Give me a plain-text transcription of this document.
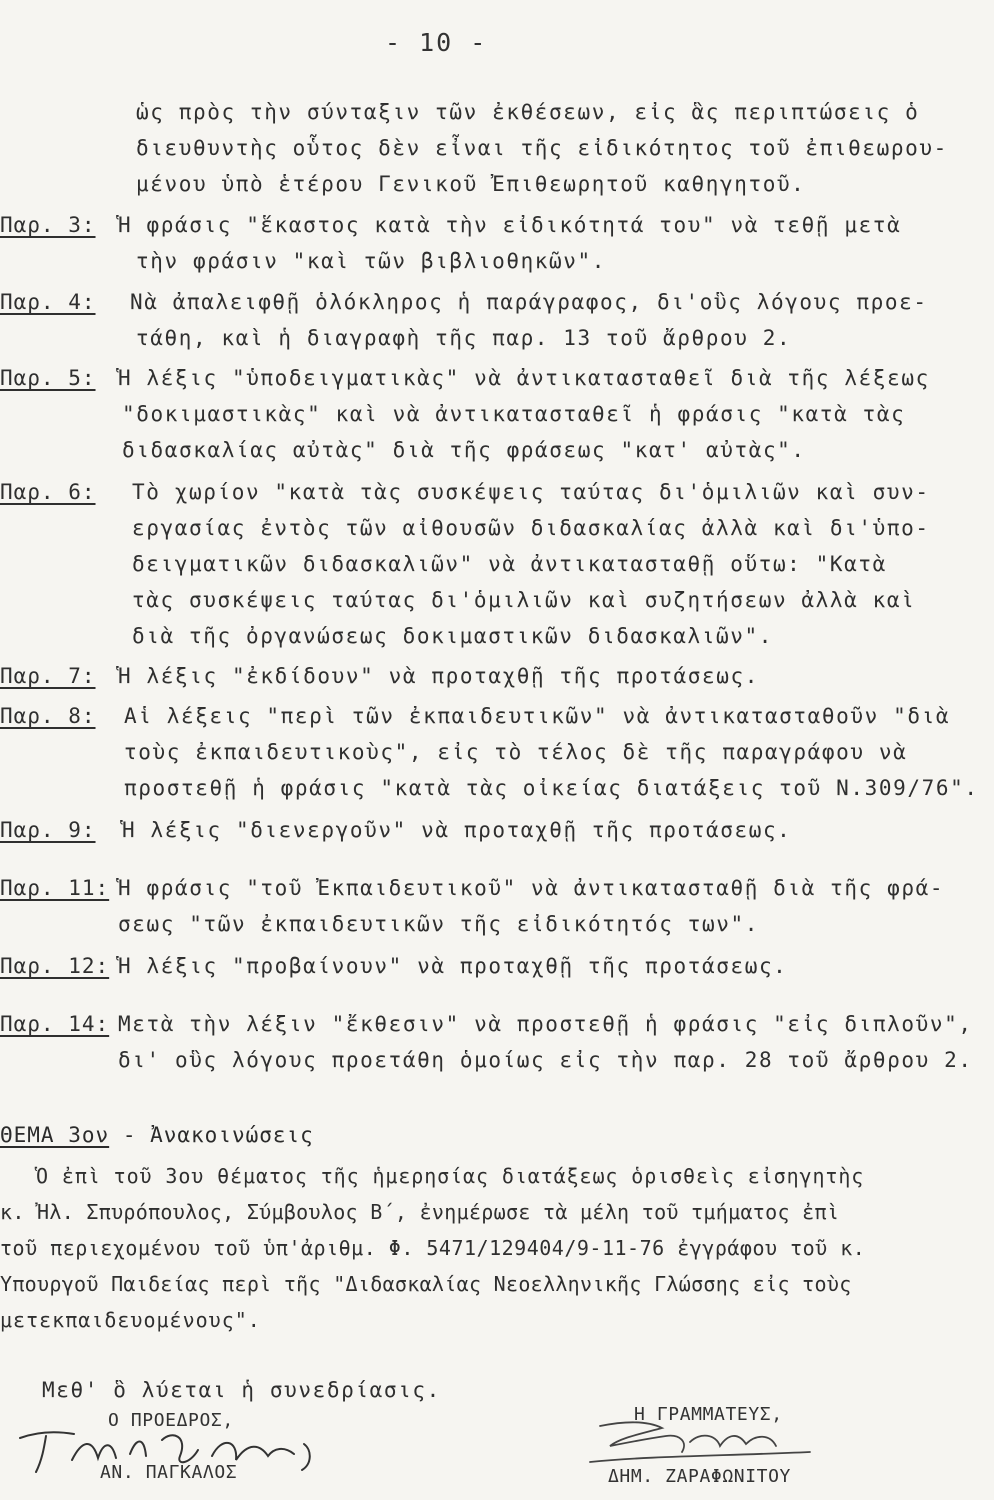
- 10 -
ὡς πρὸς τὴν σύνταξιν τῶν ἐκθέσεων, εἰς ἃς περιπτώσεις ὁ
διευθυντὴς οὗτος δὲν εἶναι τῆς εἰδικότητος τοῦ ἐπιθεωρου-
μένου ὑπὸ ἑτέρου Γενικοῦ Ἐπιθεωρητοῦ καθηγητοῦ.
Παρ. 3: Ἡ φράσις "ἕκαστος κατὰ τὴν εἰδικότητά του" νὰ τεθῇ μετὰ
τὴν φράσιν "καὶ τῶν βιβλιοθηκῶν".
Παρ. 4: Νὰ ἀπαλειφθῇ ὁλόκληρος ἡ παράγραφος, δι'οὓς λόγους προε-
τάθη, καὶ ἡ διαγραφὴ τῆς παρ. 13 τοῦ ἄρθρου 2.
Παρ. 5: Ἡ λέξις "ὑποδειγματικὰς" νὰ ἀντικατασταθεῖ διὰ τῆς λέξεως
"δοκιμαστικὰς" καὶ νὰ ἀντικατασταθεῖ ἡ φράσις "κατὰ τὰς
διδασκαλίας αὐτὰς" διὰ τῆς φράσεως "κατ' αὐτὰς".
Παρ. 6: Τὸ χωρίον "κατὰ τὰς συσκέψεις ταύτας δι'ὁμιλιῶν καὶ συν-
εργασίας ἐντὸς τῶν αἰθουσῶν διδασκαλίας ἀλλὰ καὶ δι'ὑπο-
δειγματικῶν διδασκαλιῶν" νὰ ἀντικατασταθῇ οὕτω: "Κατὰ
τὰς συσκέψεις ταύτας δι'ὁμιλιῶν καὶ συζητήσεων ἀλλὰ καὶ
διὰ τῆς ὀργανώσεως δοκιμαστικῶν διδασκαλιῶν".
Παρ. 7: Ἡ λέξις "ἐκδίδουν" νὰ προταχθῇ τῆς προτάσεως.
Παρ. 8: Αἱ λέξεις "περὶ τῶν ἐκπαιδευτικῶν" νὰ ἀντικατασταθοῦν "διὰ
τοὺς ἐκπαιδευτικοὺς", εἰς τὸ τέλος δὲ τῆς παραγράφου νὰ
προστεθῇ ἡ φράσις "κατὰ τὰς οἰκείας διατάξεις τοῦ Ν.309/76".
Παρ. 9: Ἡ λέξις "διενεργοῦν" νὰ προταχθῇ τῆς προτάσεως.
Παρ. 11: Ἡ φράσις "τοῦ Ἐκπαιδευτικοῦ" νὰ ἀντικατασταθῇ διὰ τῆς φρά-
σεως "τῶν ἐκπαιδευτικῶν τῆς εἰδικότητός των".
Παρ. 12: Ἡ λέξις "προβαίνουν" νὰ προταχθῇ τῆς προτάσεως.
Παρ. 14: Μετὰ τὴν λέξιν "ἔκθεσιν" νὰ προστεθῇ ἡ φράσις "εἰς διπλοῦν",
δι' οὓς λόγους προετάθη ὁμοίως εἰς τὴν παρ. 28 τοῦ ἄρθρου 2.
ΘΕΜΑ 3ον - Ἀνακοινώσεις
Ὁ ἐπὶ τοῦ 3ου θέματος τῆς ἡμερησίας διατάξεως ὁρισθεὶς εἰσηγητὴς
κ. Ἠλ. Σπυρόπουλος, Σύμβουλος Β΄, ἐνημέρωσε τὰ μέλη τοῦ τμήματος ἐπὶ
τοῦ περιεχομένου τοῦ ὑπ'ἀριθμ. Φ. 5471/129404/9-11-76 ἐγγράφου τοῦ κ.
Ὑπουργοῦ Παιδείας περὶ τῆς "Διδασκαλίας Νεοελληνικῆς Γλώσσης εἰς τοὺς
μετεκπαιδευομένους".
Μεθ' ὃ λύεται ἡ συνεδρίασις.
Ο ΠΡΟΕΔΡΟΣ,
ΑΝ. ΠΑΓΚΑΛΟΣ
Η ΓΡΑΜΜΑΤΕΥΣ,
ΔΗΜ. ΖΑΡΑΦΩΝΙΤΟΥ
